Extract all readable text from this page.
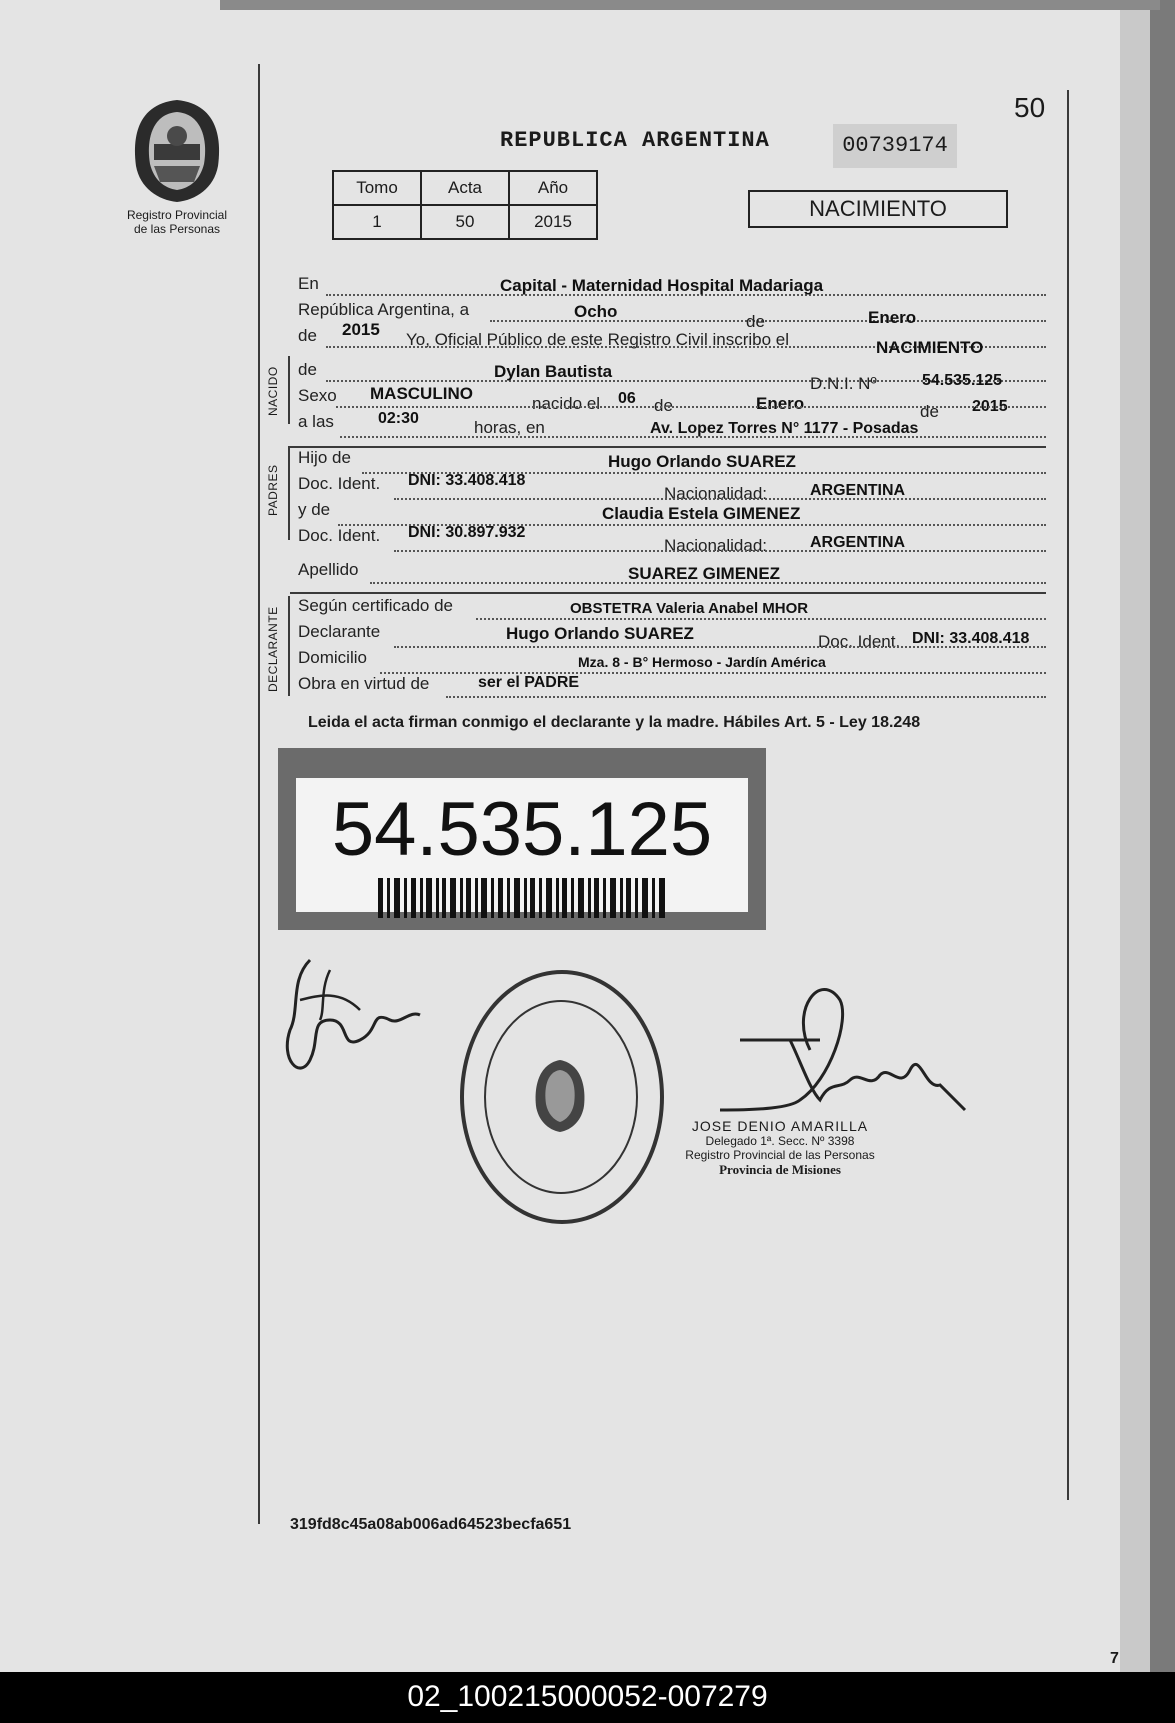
50
Registro Provincial
de las Personas
REPUBLICA ARGENTINA	00739174
Tomo	Acta	Año
1	50	2015
NACIMIENTO
NACIDO
PADRES
DECLARANTE
En	Capital - Maternidad Hospital Madariaga
República Argentina, a	Ocho
de	Enero
de 2015
Yo, Oficial Público de este Registro Civil inscribo el	NACIMIENTO
de	Dylan Bautista
D.N.I. Nº	54.535.125
Sexo MASCULINO
nacido el 06 de	Enero	de 2015
a las	02:30	horas, en	Av. Lopez Torres N° 1177 - Posadas
Hijo de	Hugo Orlando SUAREZ
Doc. Ident. DNI: 33.408.418
Nacionalidad:	ARGENTINA
y de	Claudia Estela GIMENEZ
Doc. Ident. DNI: 30.897.932
Nacionalidad:	ARGENTINA
Apellido	SUAREZ GIMENEZ
Según certificado de	OBSTETRA Valeria Anabel MHOR
Declarante	Hugo Orlando SUAREZ	Doc. Ident. DNI: 33.408.418
Domicilio	Mza. 8 - B° Hermoso - Jardín América
Obra en virtud de	ser el PADRE
Leida el acta firman conmigo el declarante y la madre. Hábiles Art. 5 - Ley 18.248
54.535.125
JOSE DENIO AMARILLA
Delegado 1ª. Secc. Nº 3398
Registro Provincial de las Personas
Provincia de Misiones
319fd8c45a08ab006ad64523becfa651
7
02_100215000052-007279
